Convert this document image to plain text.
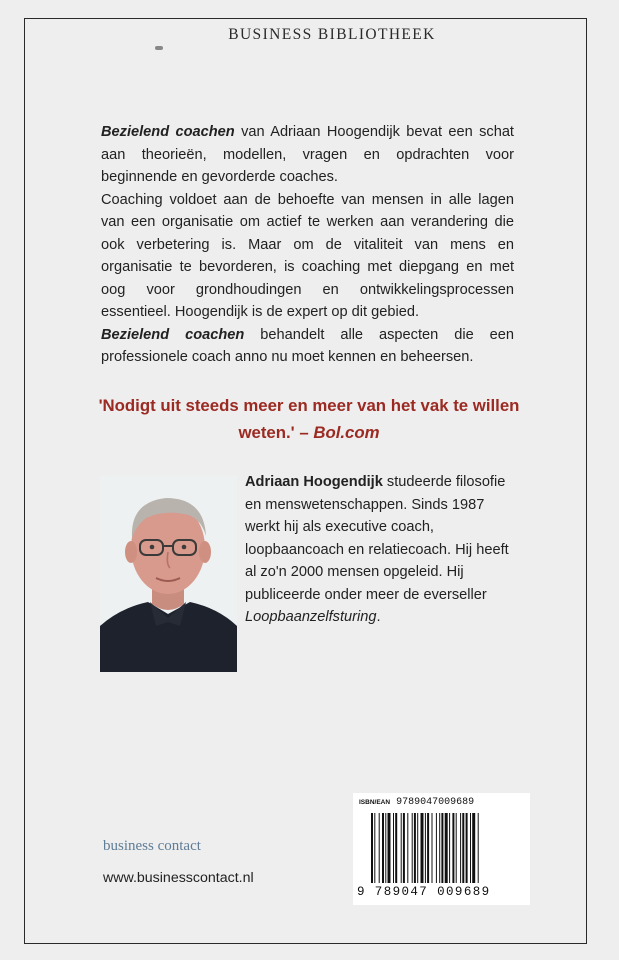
BUSINESS BIBLIOTHEEK

Bezielend coachen van Adriaan Hoogendijk bevat een schat aan theorieën, modellen, vragen en opdrachten voor beginnende en gevorderde coaches.

Coaching voldoet aan de behoefte van mensen in alle lagen van een organisatie om actief te werken aan verandering die ook verbetering is. Maar om de vitaliteit van mens en organisatie te bevorderen, is coaching met diepgang en met oog voor grondhoudingen en ontwikkelingsprocessen essentieel. Hoogendijk is de expert op dit gebied.

Bezielend coachen behandelt alle aspecten die een professionele coach anno nu moet kennen en beheersen.

'Nodigt uit steeds meer en meer van het vak te willen weten.' – Bol.com
Adriaan Hoogendijk studeerde filosofie en menswetenschappen. Sinds 1987 werkt hij als executive coach, loopbaancoach en relatiecoach. Hij heeft al zo'n 2000 mensen opgeleid. Hij publiceerde onder meer de everseller Loopbaanzelfsturing.
business contact
www.businesscontact.nl
ISBN/EAN 9789047009689
9 789047 009689
